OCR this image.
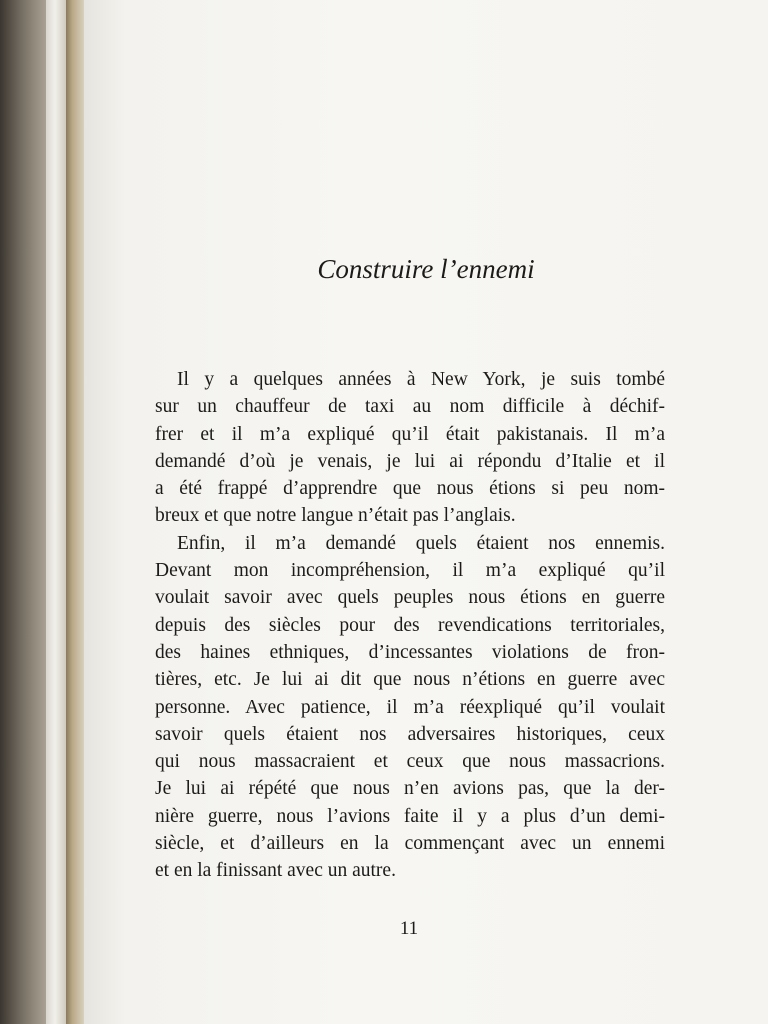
Construire l’ennemi

Il y a quelques années à New York, je suis tombé
sur un chauffeur de taxi au nom difficile à déchif-
frer et il m’a expliqué qu’il était pakistanais. Il m’a
demandé d’où je venais, je lui ai répondu d’Italie et il
a été frappé d’apprendre que nous étions si peu nom-
breux et que notre langue n’était pas l’anglais.

Enfin, il m’a demandé quels étaient nos ennemis.
Devant mon incompréhension, il m’a expliqué qu’il
voulait savoir avec quels peuples nous étions en guerre
depuis des siècles pour des revendications territoriales,
des haines ethniques, d’incessantes violations de fron-
tières, etc. Je lui ai dit que nous n’étions en guerre avec
personne. Avec patience, il m’a réexpliqué qu’il voulait
savoir quels étaient nos adversaires historiques, ceux
qui nous massacraient et ceux que nous massacrions.
Je lui ai répété que nous n’en avions pas, que la der-
nière guerre, nous l’avions faite il y a plus d’un demi-
siècle, et d’ailleurs en la commençant avec un ennemi
et en la finissant avec un autre.

11
